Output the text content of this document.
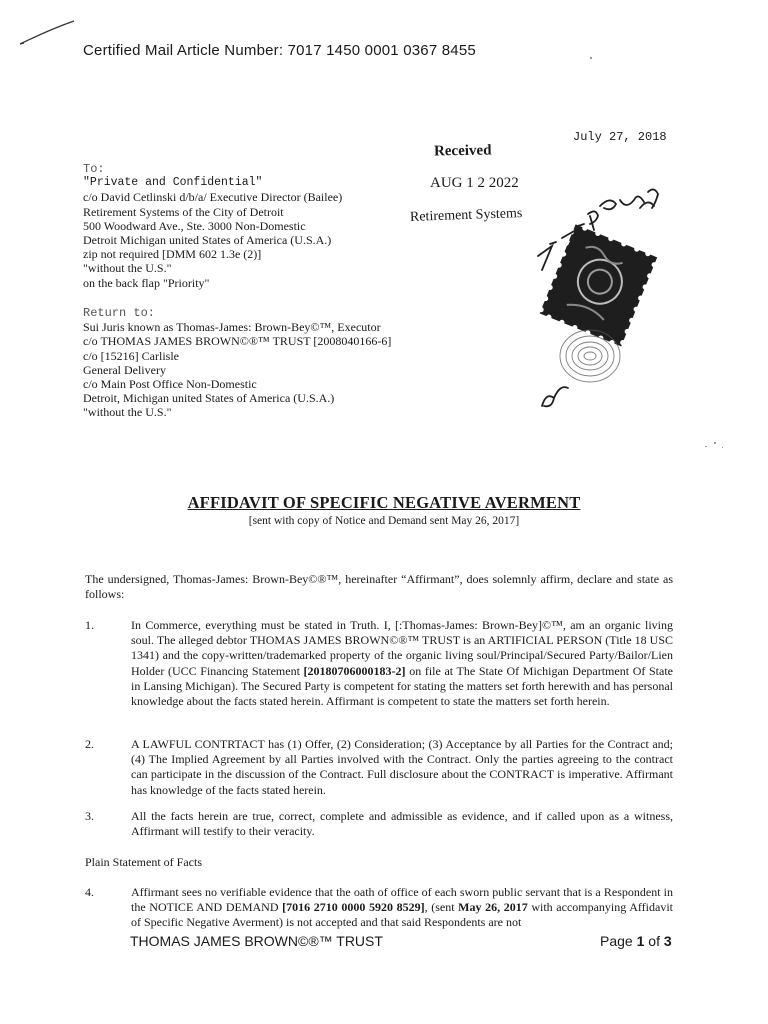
Certified Mail Article Number: 7017 1450 0001 0367 8455
July 27, 2018
Received
AUG 1 2 2022
Retirement Systems
To:
"Private and Confidential"
c/o David Cetlinski d/b/a/ Executive Director (Bailee)
Retirement Systems of the City of Detroit
500 Woodward Ave., Ste. 3000 Non-Domestic
Detroit Michigan united States of America (U.S.A.)
zip not required [DMM 602 1.3e (2)]
"without the U.S."
on the back flap "Priority"
Return to:
Sui Juris known as Thomas-James: Brown-Bey©™, Executor
c/o THOMAS JAMES BROWN©®™ TRUST [2008040166-6]
c/o [15216] Carlisle
General Delivery
c/o Main Post Office Non-Domestic
Detroit, Michigan united States of America (U.S.A.)
"without the U.S."
AFFIDAVIT OF SPECIFIC NEGATIVE AVERMENT
[sent with copy of Notice and Demand sent May 26, 2017]
The undersigned, Thomas-James: Brown-Bey©®™, hereinafter “Affirmant”, does solemnly affirm, declare and state as follows:
1.	In Commerce, everything must be stated in Truth. I, [:Thomas-James: Brown-Bey]©™, am an organic living soul. The alleged debtor THOMAS JAMES BROWN©®™ TRUST is an ARTIFICIAL PERSON (Title 18 USC 1341) and the copy-written/trademarked property of the organic living soul/Principal/Secured Party/Bailor/Lien Holder (UCC Financing Statement [20180706000183-2] on file at The State Of Michigan Department Of State in Lansing Michigan). The Secured Party is competent for stating the matters set forth herewith and has personal knowledge about the facts stated herein. Affirmant is competent to state the matters set forth herein.
2.	A LAWFUL CONTRTACT has (1) Offer, (2) Consideration; (3) Acceptance by all Parties for the Contract and; (4) The Implied Agreement by all Parties involved with the Contract. Only the parties agreeing to the contract can participate in the discussion of the Contract. Full disclosure about the CONTRACT is imperative. Affirmant has knowledge of the facts stated herein.
3.	All the facts herein are true, correct, complete and admissible as evidence, and if called upon as a witness, Affirmant will testify to their veracity.
Plain Statement of Facts
4.	Affirmant sees no verifiable evidence that the oath of office of each sworn public servant that is a Respondent in the NOTICE AND DEMAND [7016 2710 0000 5920 8529], (sent May 26, 2017 with accompanying Affidavit of Specific Negative Averment) is not accepted and that said Respondents are not
THOMAS JAMES BROWN©®™ TRUST	Page 1 of 3
